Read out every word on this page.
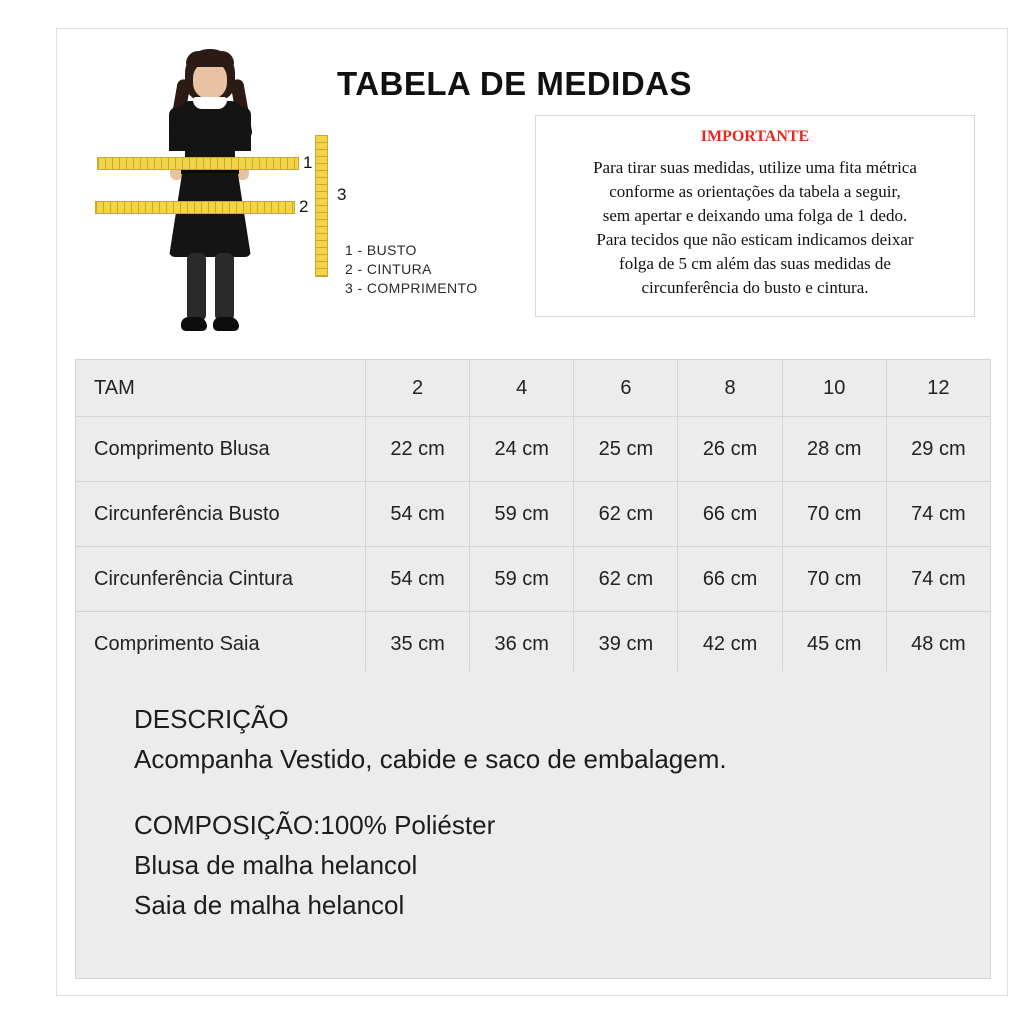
TABELA DE MEDIDAS
1
2
3
1 - BUSTO
2 - CINTURA
3 - COMPRIMENTO
IMPORTANTE
Para tirar suas medidas, utilize uma fita métrica
conforme as orientações da tabela a seguir,
sem apertar e deixando uma folga de 1 dedo.
Para tecidos que não esticam indicamos deixar
folga de 5 cm além das suas medidas de
circunferência do busto e cintura.
TAM	2	4	6	8	10	12
Comprimento Blusa	22 cm	24 cm	25 cm	26 cm	28 cm	29 cm
Circunferência Busto	54 cm	59 cm	62 cm	66 cm	70 cm	74 cm
Circunferência Cintura	54 cm	59 cm	62 cm	66 cm	70 cm	74 cm
Comprimento Saia	35 cm	36 cm	39 cm	42 cm	45 cm	48 cm
DESCRIÇÃO
Acompanha Vestido, cabide e saco de embalagem.
COMPOSIÇÃO:100% Poliéster
Blusa de malha helancol
Saia de malha helancol
